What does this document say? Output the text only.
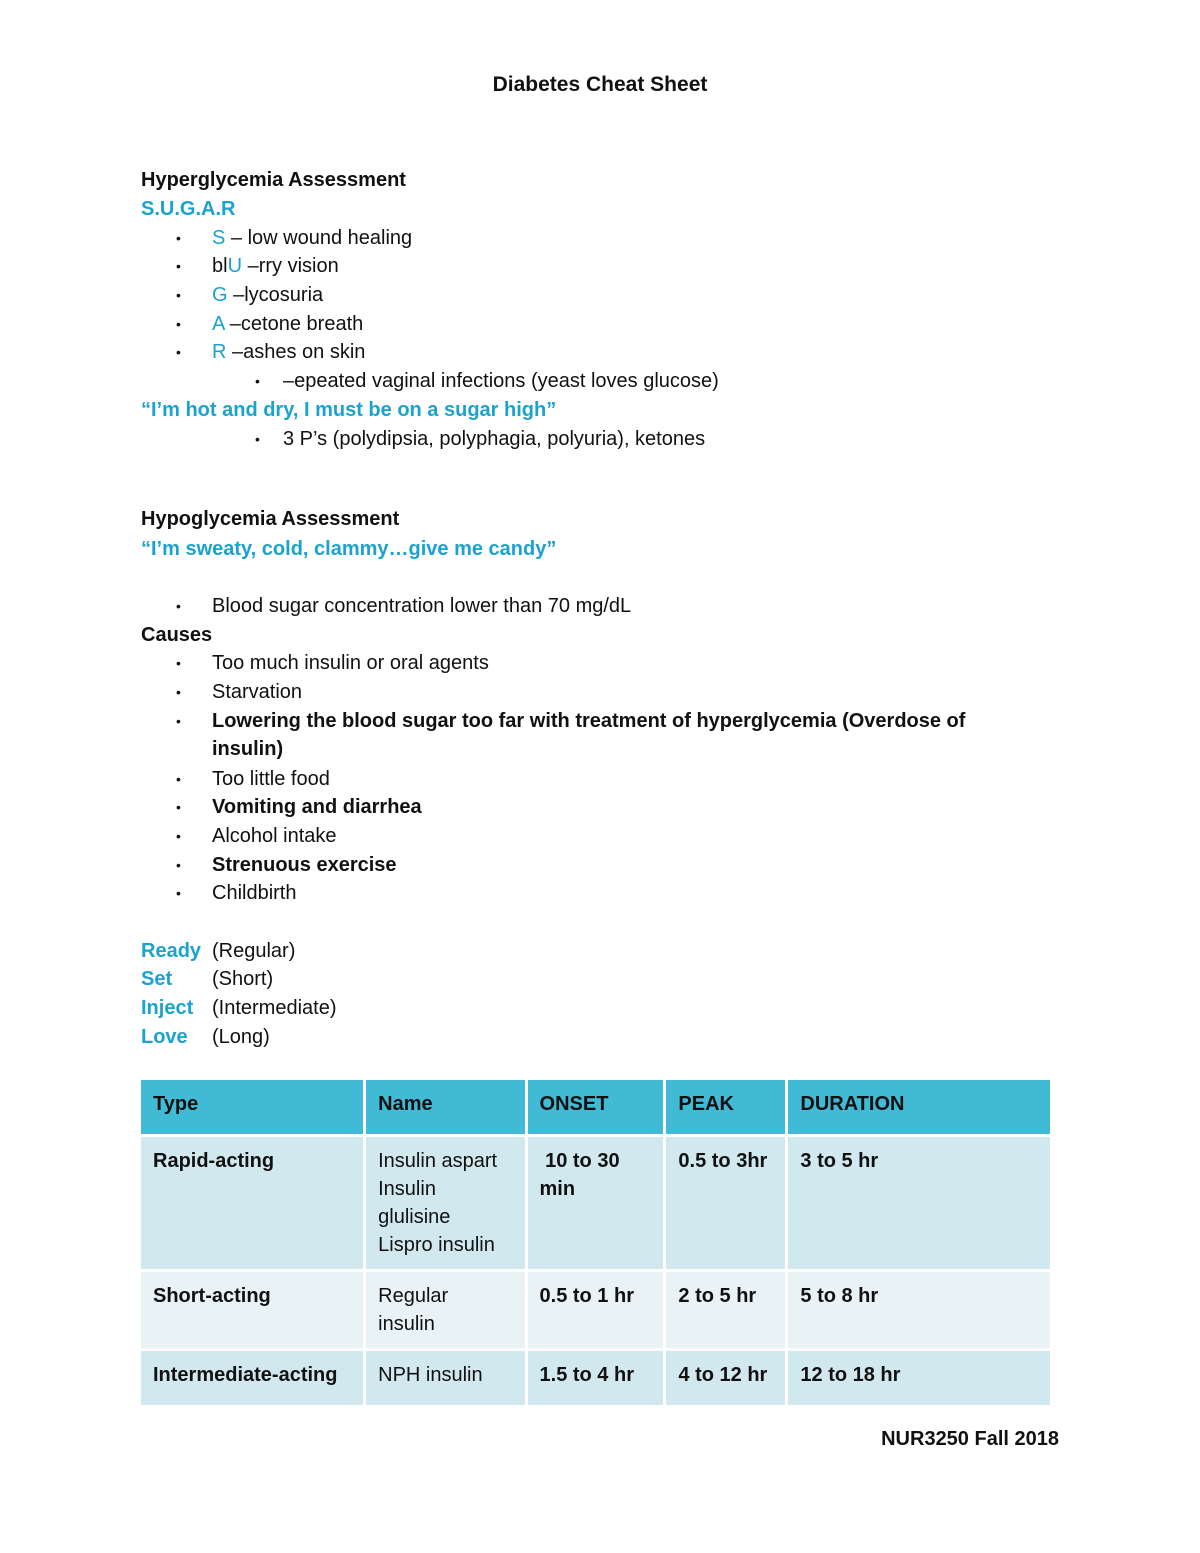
Diabetes Cheat Sheet
Hyperglycemia Assessment
S.U.G.A.R
• S – low wound healing
• blU –rry vision
• G –lycosuria
• A –cetone breath
• R –ashes on skin
• –epeated vaginal infections (yeast loves glucose)
“I’m hot and dry, I must be on a sugar high”
• 3 P’s (polydipsia, polyphagia, polyuria), ketones
Hypoglycemia Assessment
“I’m sweaty, cold, clammy…give me candy”
• Blood sugar concentration lower than 70 mg/dL
Causes
• Too much insulin or oral agents
• Starvation
• Lowering the blood sugar too far with treatment of hyperglycemia (Overdose of
insulin)
• Too little food
• Vomiting and diarrhea
• Alcohol intake
• Strenuous exercise
• Childbirth
Ready (Regular)
Set (Short)
Inject (Intermediate)
Love (Long)
Type	Name	ONSET	PEAK	DURATION
Rapid-acting	Insulin aspart
Insulin
glulisine
Lispro insulin	10 to 30 min	0.5 to 3hr	3 to 5 hr
Short-acting	Regular
insulin	0.5 to 1 hr	2 to 5 hr	5 to 8 hr
Intermediate-acting	NPH insulin	1.5 to 4 hr	4 to 12 hr	12 to 18 hr
NUR3250 Fall 2018
